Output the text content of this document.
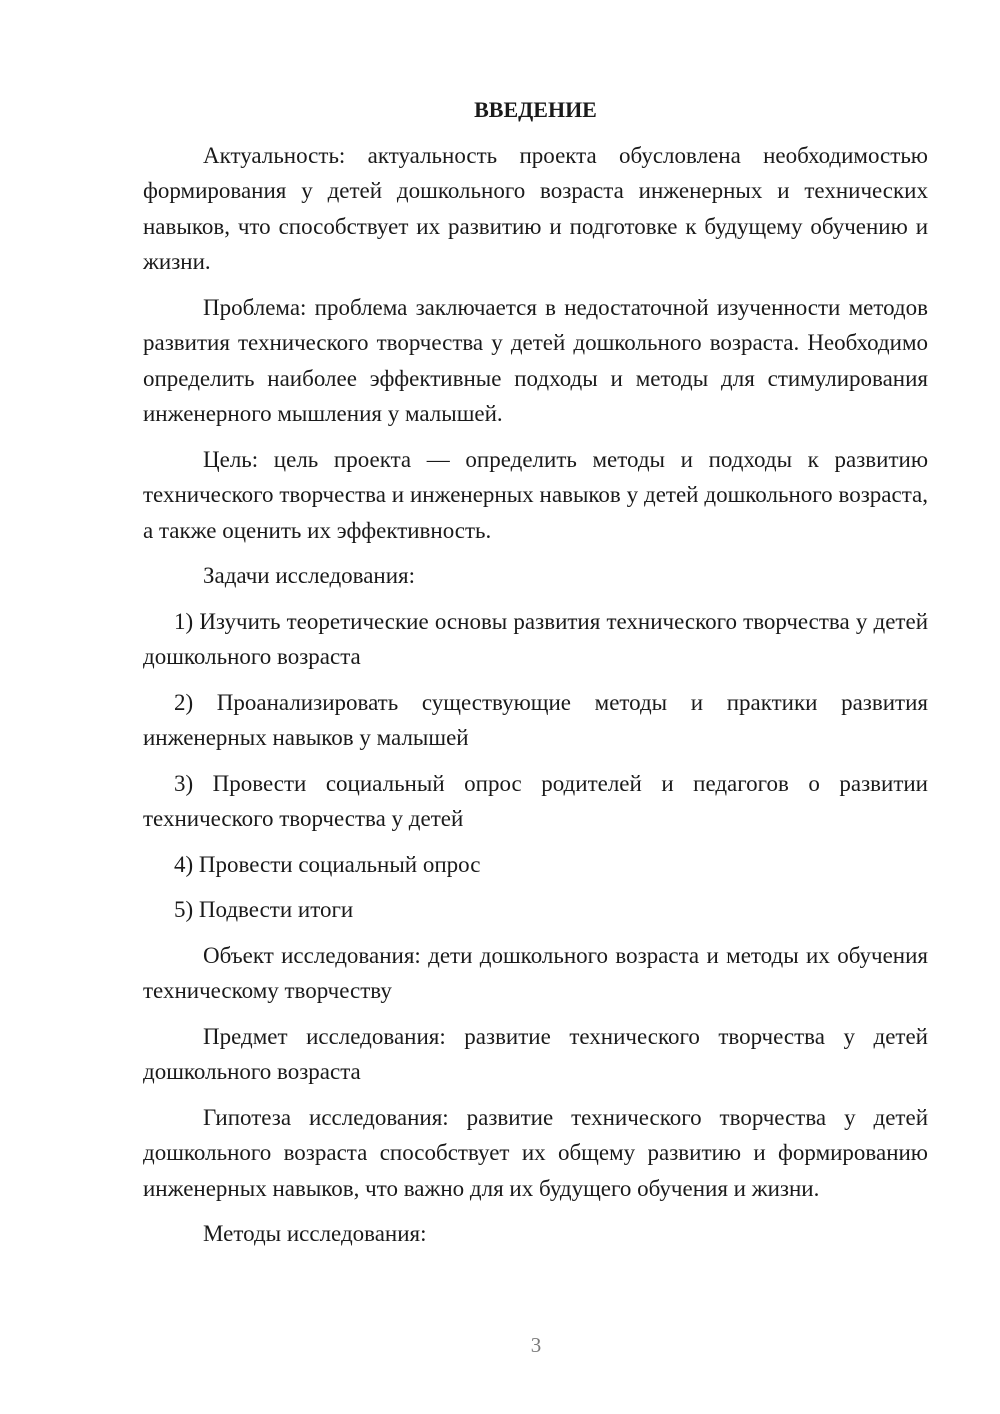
ВВЕДЕНИЕ

Актуальность: актуальность проекта обусловлена необходимостью формирования у детей дошкольного возраста инженерных и технических навыков, что способствует их развитию и подготовке к будущему обучению и жизни.

Проблема: проблема заключается в недостаточной изученности методов развития технического творчества у детей дошкольного возраста. Необходимо определить наиболее эффективные подходы и методы для стимулирования инженерного мышления у малышей.

Цель: цель проекта — определить методы и подходы к развитию технического творчества и инженерных навыков у детей дошкольного возраста, а также оценить их эффективность.

Задачи исследования:

1) Изучить теоретические основы развития технического творчества у детей дошкольного возраста

2) Проанализировать существующие методы и практики развития инженерных навыков у малышей

3) Провести социальный опрос родителей и педагогов о развитии технического творчества у детей

4) Провести социальный опрос

5) Подвести итоги

Объект исследования: дети дошкольного возраста и методы их обучения техническому творчеству

Предмет исследования: развитие технического творчества у детей дошкольного возраста

Гипотеза исследования: развитие технического творчества у детей дошкольного возраста способствует их общему развитию и формированию инженерных навыков, что важно для их будущего обучения и жизни.

Методы исследования:

3
